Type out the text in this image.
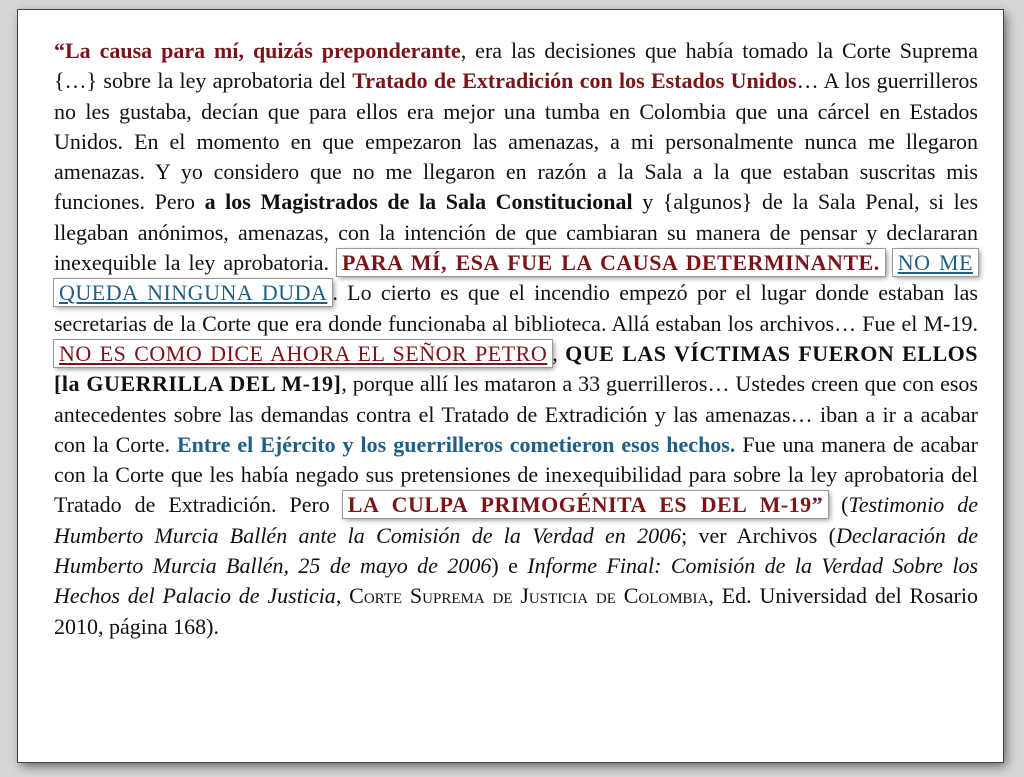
“La causa para mí, quizás preponderante, era las decisiones que había tomado la Corte Suprema {…} sobre la ley aprobatoria del Tratado de Extradición con los Estados Unidos… A los guerrilleros no les gustaba, decían que para ellos era mejor una tumba en Colombia que una cárcel en Estados Unidos. En el momento en que empezaron las amenazas, a mi personalmente nunca me llegaron amenazas. Y yo considero que no me llegaron en razón a la Sala a la que estaban suscritas mis funciones. Pero a los Magistrados de la Sala Constitucional y {algunos} de la Sala Penal, si les llegaban anónimos, amenazas, con la intención de que cambiaran su manera de pensar y declararan inexequible la ley aprobatoria. PARA MÍ, ESA FUE LA CAUSA DETERMINANTE. NO ME QUEDA NINGUNA DUDA . Lo cierto es que el incendio empezó por el lugar donde estaban las secretarias de la Corte que era donde funcionaba al biblioteca. Allá estaban los archivos… Fue el M-19. NO ES COMO DICE AHORA EL SEÑOR PETRO , QUE LAS VÍCTIMAS FUERON ELLOS [la GUERRILLA DEL M-19], porque allí les mataron a 33 guerrilleros… Ustedes creen que con esos antecedentes sobre las demandas contra el Tratado de Extradición y las amenazas… iban a ir a acabar con la Corte. Entre el Ejército y los guerrilleros cometieron esos hechos. Fue una manera de acabar con la Corte que les había negado sus pretensiones de inexequibilidad para sobre la ley aprobatoria del Tratado de Extradición. Pero LA CULPA PRIMOGÉNITA ES DEL M-19” (Testimonio de Humberto Murcia Ballén ante la Comisión de la Verdad en 2006; ver Archivos (Declaración de Humberto Murcia Ballén, 25 de mayo de 2006) e Informe Final: Comisión de la Verdad Sobre los Hechos del Palacio de Justicia, Corte Suprema de Justicia de Colombia, Ed. Universidad del Rosario 2010, página 168).
